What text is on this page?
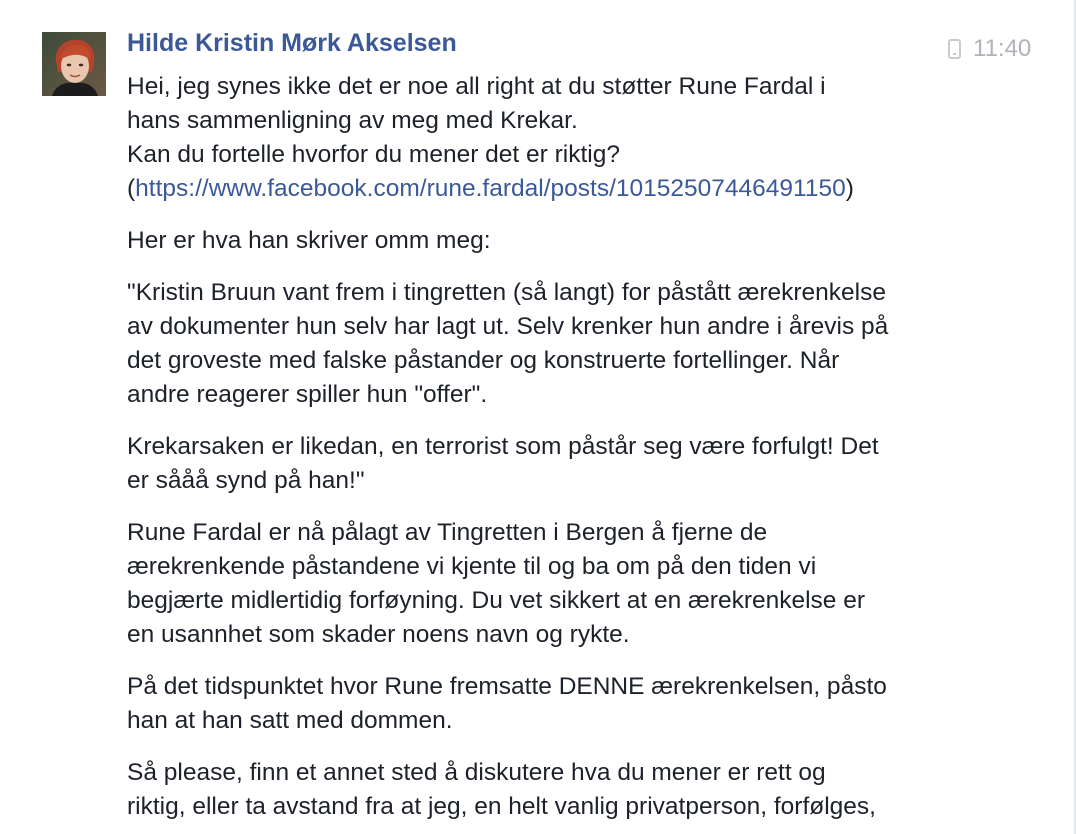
Hilde Kristin Mørk Akselsen	11:40

Hei, jeg synes ikke det er noe all right at du støtter Rune Fardal i
hans sammenligning av meg med Krekar.
Kan du fortelle hvorfor du mener det er riktig?
(https://www.facebook.com/rune.fardal/posts/10152507446491150)

Her er hva han skriver omm meg:

"Kristin Bruun vant frem i tingretten (så langt) for påstått ærekrenkelse
av dokumenter hun selv har lagt ut. Selv krenker hun andre i årevis på
det groveste med falske påstander og konstruerte fortellinger. Når
andre reagerer spiller hun "offer".

Krekarsaken er likedan, en terrorist som påstår seg være forfulgt! Det
er sååå synd på han!"

Rune Fardal er nå pålagt av Tingretten i Bergen å fjerne de
ærekrenkende påstandene vi kjente til og ba om på den tiden vi
begjærte midlertidig forføyning. Du vet sikkert at en ærekrenkelse er
en usannhet som skader noens navn og rykte.

På det tidspunktet hvor Rune fremsatte DENNE ærekrenkelsen, påsto
han at han satt med dommen.

Så please, finn et annet sted å diskutere hva du mener er rett og
riktig, eller ta avstand fra at jeg, en helt vanlig privatperson, forfølges,
